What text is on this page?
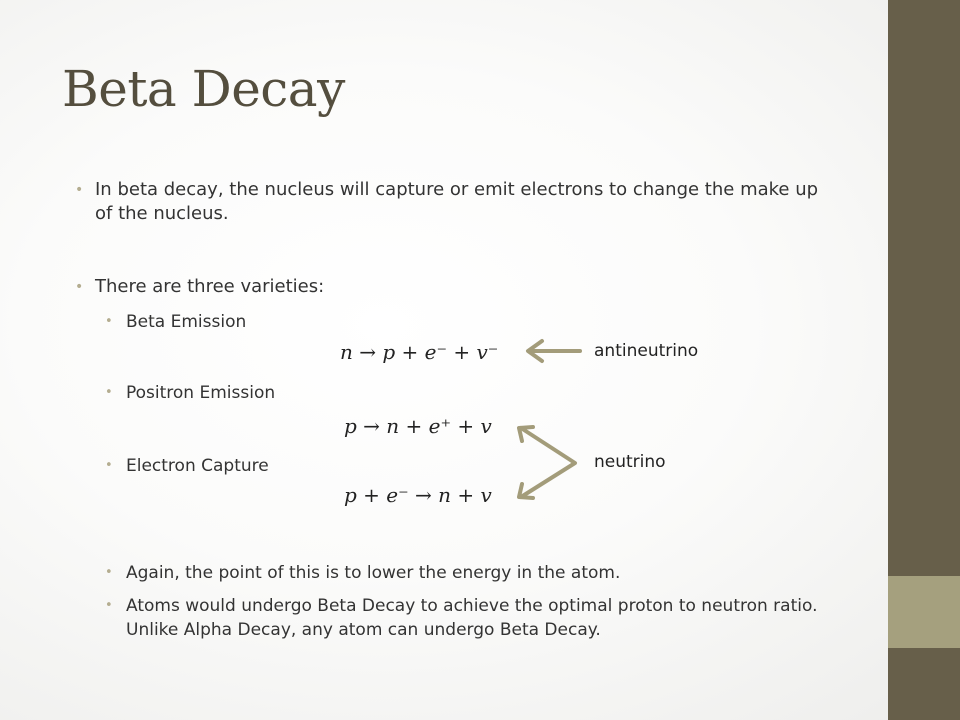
Beta Decay
• In beta decay, the nucleus will capture or emit electrons to change the make up of the nucleus.
• There are three varieties:
• Beta Emission
• Positron Emission
• Electron Capture
n → p + e⁻ + v⁻
p → n + e⁺ + v
p + e⁻ → n + v
antineutrino
neutrino
• Again, the point of this is to lower the energy in the atom.
• Atoms would undergo Beta Decay to achieve the optimal proton to neutron ratio. Unlike Alpha Decay, any atom can undergo Beta Decay.
